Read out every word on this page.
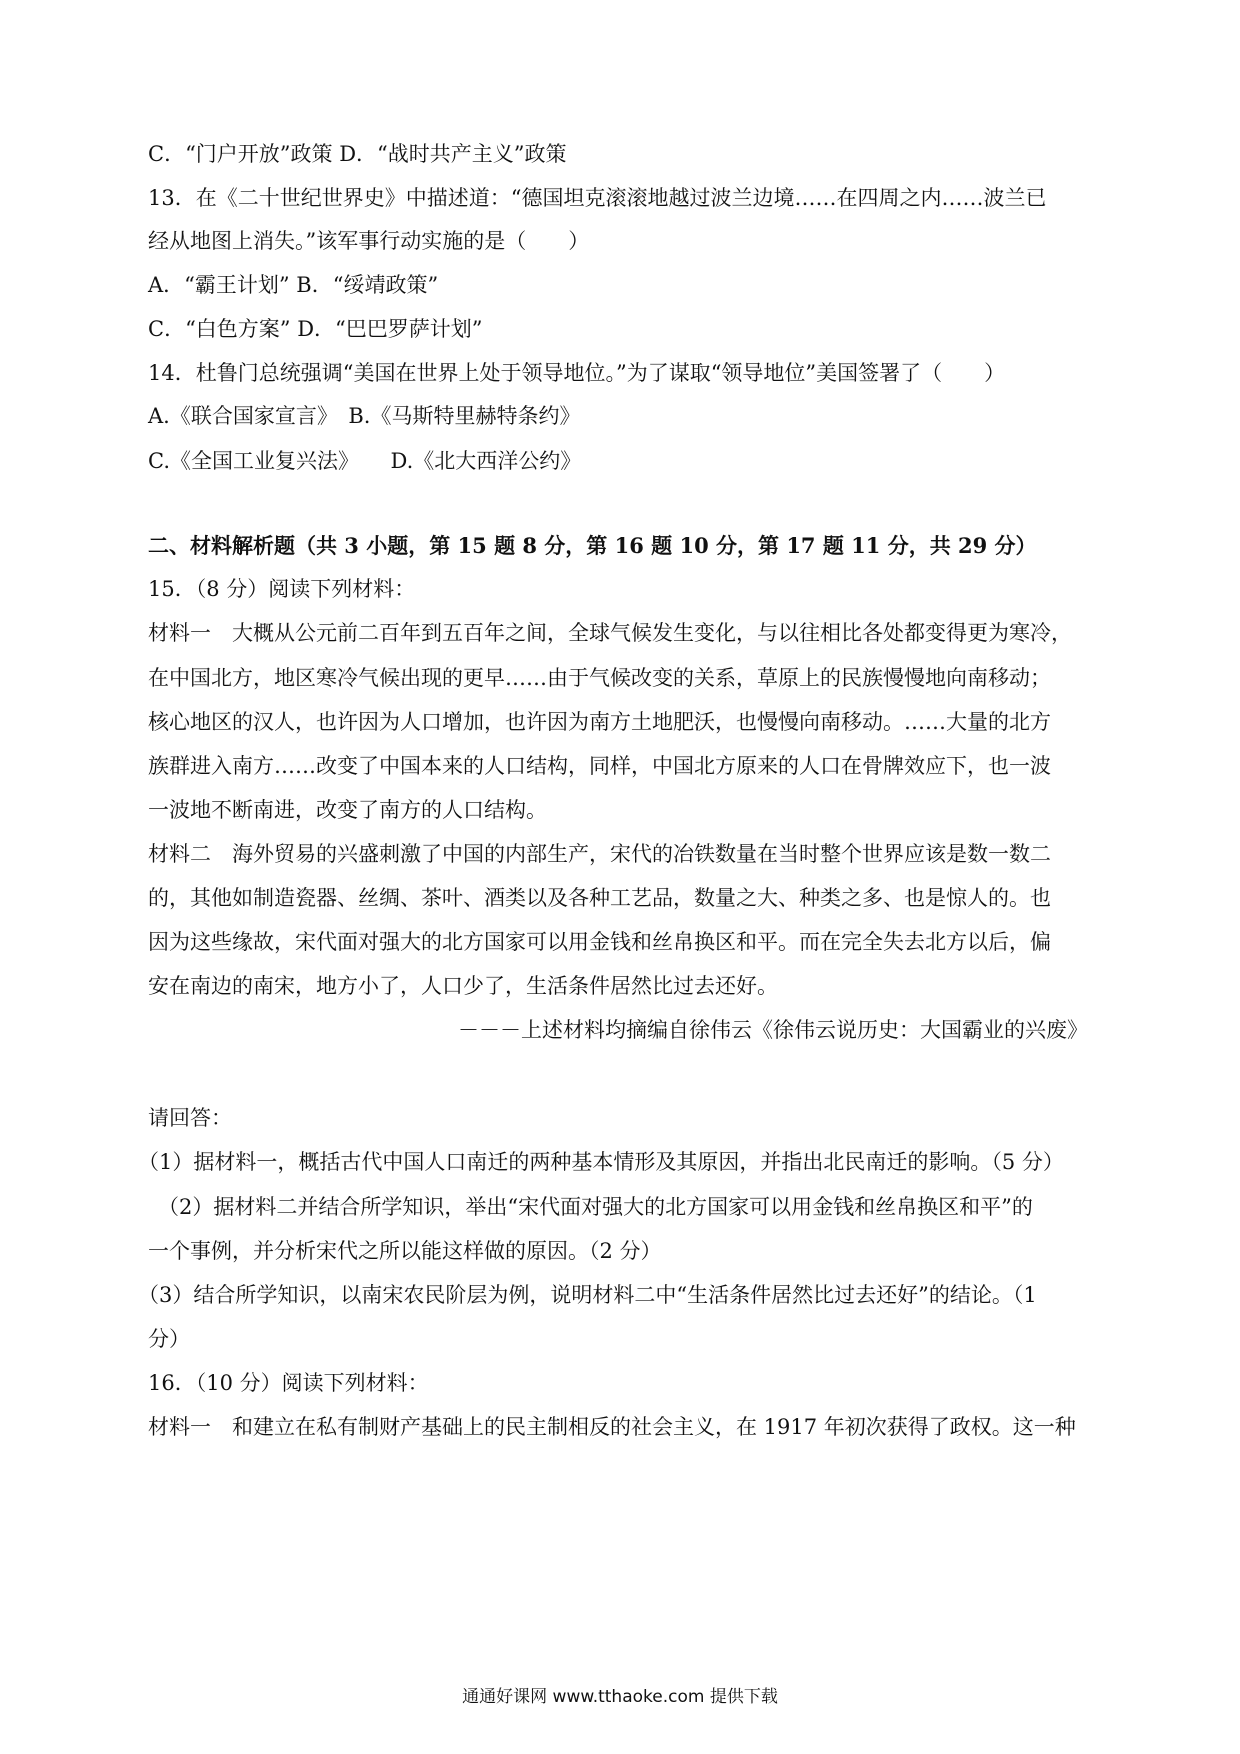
C．“门户开放”政策 D．“战时共产主义”政策
13．在《二十世纪世界史》中描述道：“德国坦克滚滚地越过波兰边境……在四周之内……波兰已
经从地图上消失。”该军事行动实施的是（　　）
A．“霸王计划” B．“绥靖政策”
C．“白色方案” D．“巴巴罗萨计划”
14．杜鲁门总统强调“美国在世界上处于领导地位。”为了谋取“领导地位”美国签署了（　　）
A.《联合国家宣言》　B.《马斯特里赫特条约》
C.《全国工业复兴法》　　D.《北大西洋公约》
二、材料解析题（共 3 小题，第 15 题 8 分，第 16 题 10 分，第 17 题 11 分，共 29 分）
15．（8 分）阅读下列材料：
材料一　大概从公元前二百年到五百年之间，全球气候发生变化，与以往相比各处都变得更为寒冷，
在中国北方，地区寒冷气候出现的更早……由于气候改变的关系，草原上的民族慢慢地向南移动；
核心地区的汉人，也许因为人口增加，也许因为南方土地肥沃，也慢慢向南移动。……大量的北方
族群进入南方……改变了中国本来的人口结构，同样，中国北方原来的人口在骨牌效应下，也一波
一波地不断南进，改变了南方的人口结构。
材料二　海外贸易的兴盛刺激了中国的内部生产，宋代的冶铁数量在当时整个世界应该是数一数二
的，其他如制造瓷器、丝绸、茶叶、酒类以及各种工艺品，数量之大、种类之多、也是惊人的。也
因为这些缘故，宋代面对强大的北方国家可以用金钱和丝帛换区和平。而在完全失去北方以后，偏
安在南边的南宋，地方小了，人口少了，生活条件居然比过去还好。
－－－上述材料均摘编自徐伟云《徐伟云说历史：大国霸业的兴废》
请回答：
（1）据材料一，概括古代中国人口南迁的两种基本情形及其原因，并指出北民南迁的影响。（5 分）
（2）据材料二并结合所学知识，举出“宋代面对强大的北方国家可以用金钱和丝帛换区和平”的
一个事例，并分析宋代之所以能这样做的原因。（2 分）
（3）结合所学知识，以南宋农民阶层为例，说明材料二中“生活条件居然比过去还好”的结论。（1
分）
16．（10 分）阅读下列材料：
材料一　和建立在私有制财产基础上的民主制相反的社会主义，在 1917 年初次获得了政权。这一种
通通好课网 www.tthaoke.com 提供下载
